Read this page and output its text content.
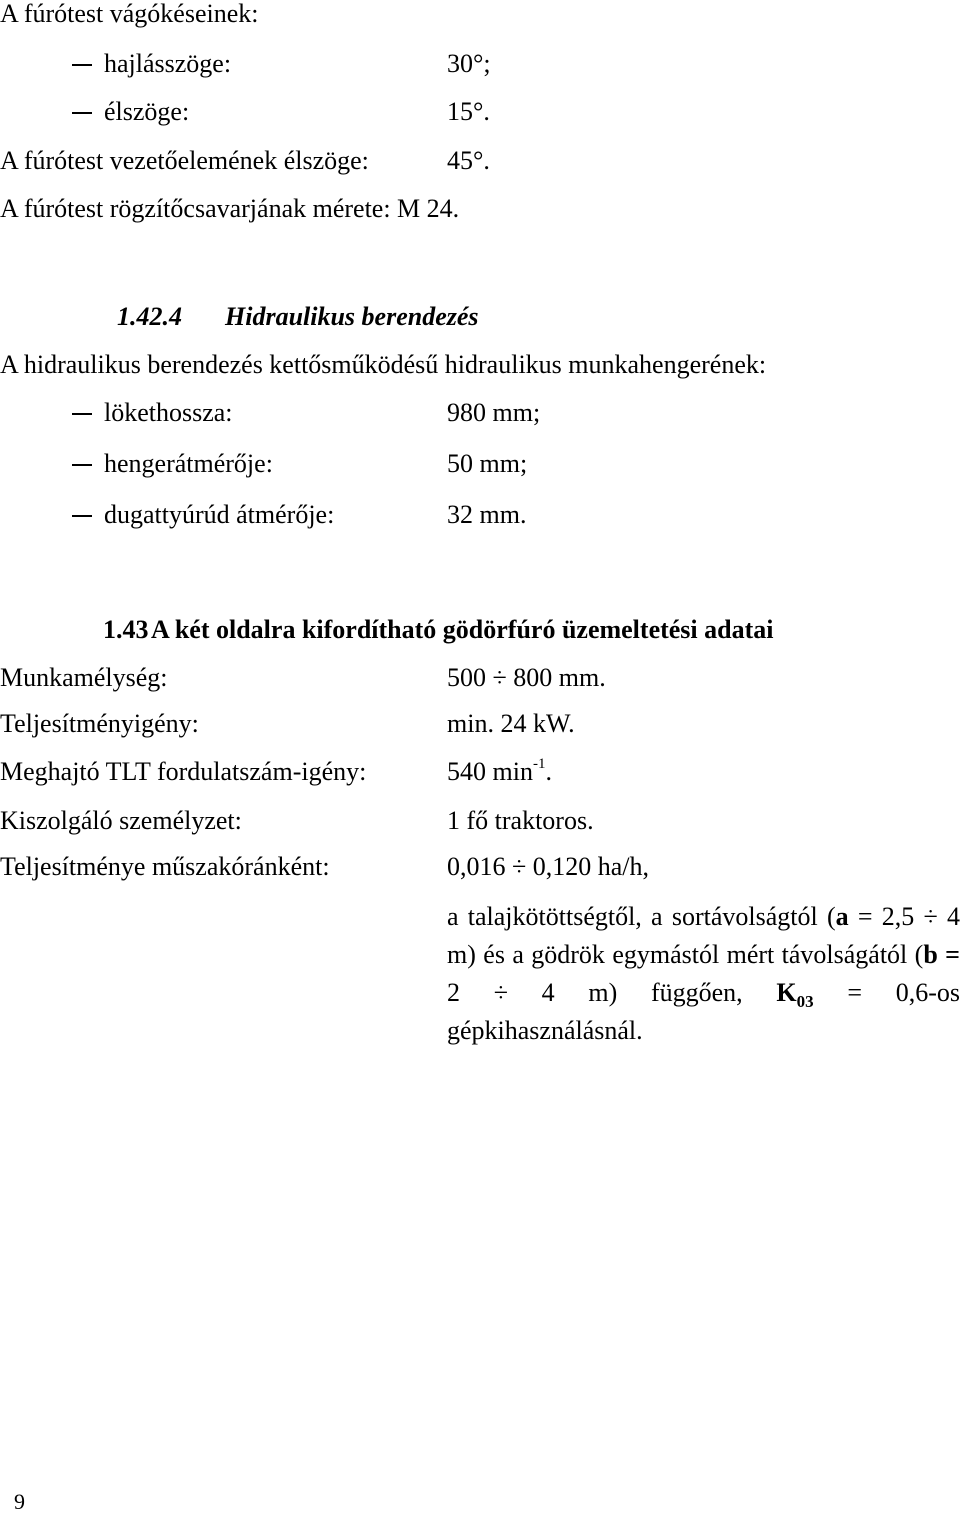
A fúrótest vágókéseinek:
hajlásszöge:	30°;
élszöge:	15°.
A fúrótest vezetőelemének élszöge:	45°.
A fúrótest rögzítőcsavarjának mérete: M 24.
1.42.4 Hidraulikus berendezés
A hidraulikus berendezés kettősműködésű hidraulikus munkahengerének:
lökethossza:	980 mm;
hengerátmérője:	50 mm;
dugattyúrúd átmérője:	32 mm.
1.43 A két oldalra kifordítható gödörfúró üzemeltetési adatai
Munkamélység:	500 ÷ 800 mm.
Teljesítményigény:	min. 24 kW.
Meghajtó TLT fordulatszám-igény:	540 $\min^{-1}$.
Kiszolgáló személyzet:	1 fő traktoros.
Teljesítménye műszakóránként:	0,016 ÷ 0,120 ha/h,
a talajkötöttségtől, a sortávolságtól (a = 2,5 ÷ 4 m) és a gödrök egymástól mért távolságától (b = 2 ÷ 4 m) függően, $K_{03} = 0,6-os$ gépkihasználásnál.
9
